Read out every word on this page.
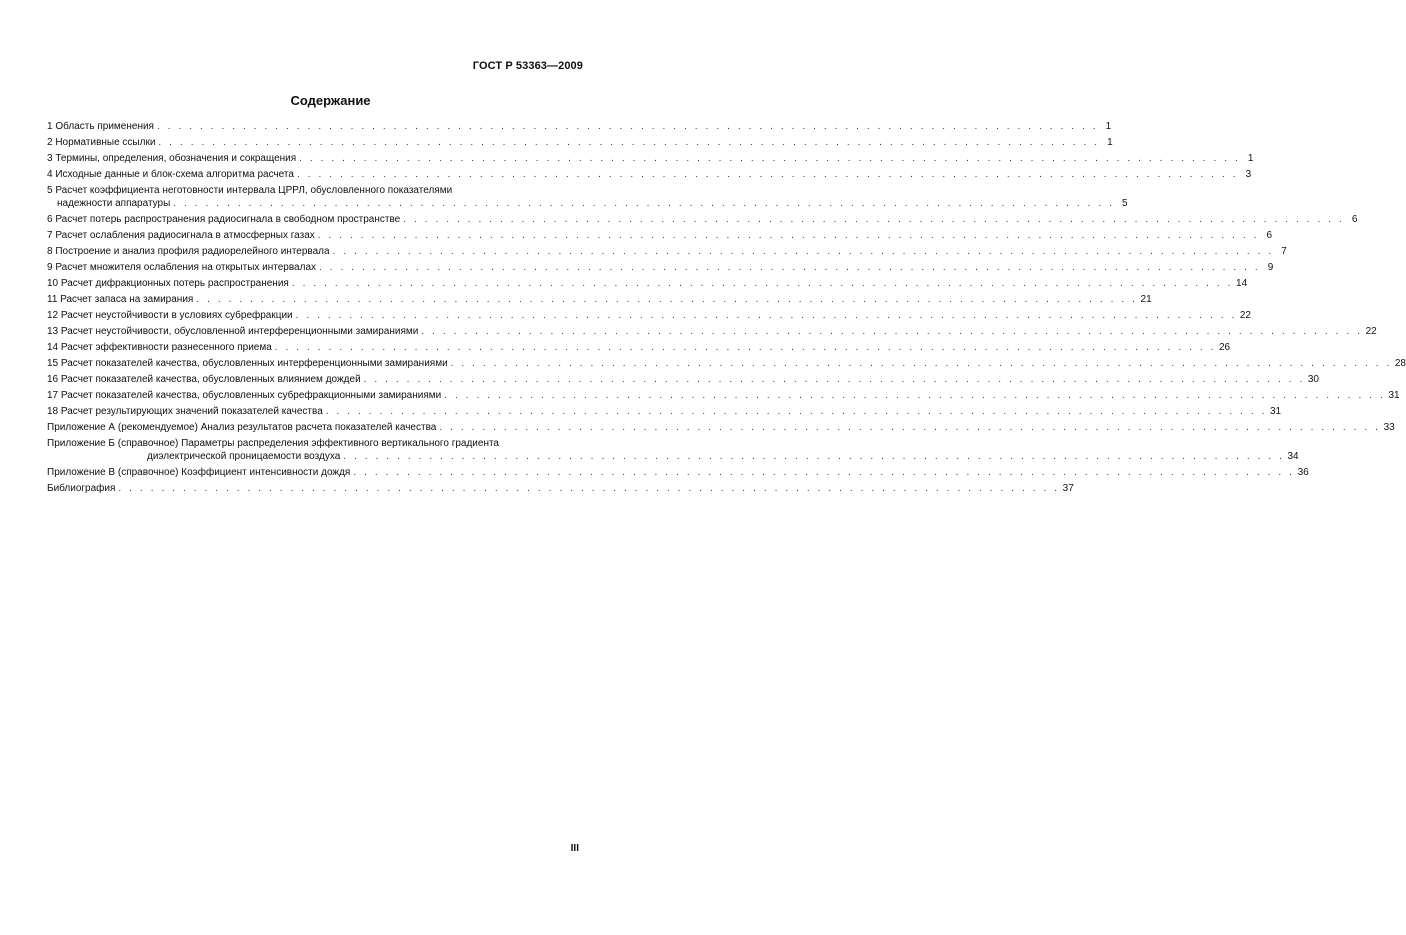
ГОСТ Р 53363—2009
Содержание
1 Область применения . . . . . . . . . . . . . . . . . . . . . . . . . . . . . . . . . . . . . . . . . . . . . . . . . . . . . . . . . . . . . . . . . . . . . . . . . . . . . . . . . . . . . . . . 1
2 Нормативные ссылки . . . . . . . . . . . . . . . . . . . . . . . . . . . . . . . . . . . . . . . . . . . . . . . . . . . . . . . . . . . . . . . . . . . . . . . . . . . . . . . . . . . . . . . . 1
3 Термины, определения, обозначения и сокращения . . . . . . . . . . . . . . . . . . . . . . . . . . . . . . . . . . . . . . . . . . . . . . . . . . . . . . . . . . . . . . . . . . . . . . . . . . . . . . . . . . . . . . . . 1
4 Исходные данные и блок-схема алгоритма расчета . . . . . . . . . . . . . . . . . . . . . . . . . . . . . . . . . . . . . . . . . . . . . . . . . . . . . . . . . . . . . . . . . . . . . . . . . . . . . . . . . . . . . . . . 3
5 Расчет коэффициента неготовности интервала ЦРРЛ, обусловленного показателями
надежности аппаратуры . . . . . . . . . . . . . . . . . . . . . . . . . . . . . . . . . . . . . . . . . . . . . . . . . . . . . . . . . . . . . . . . . . . . . . . . . . . . . . . . . . . . . . . . 5
6 Расчет потерь распространения радиосигнала в свободном пространстве . . . . . . . . . . . . . . . . . . . . . . . . . . . . . . . . . . . . . . . . . . . . . . . . . . . . . . . . . . . . . . . . . . . . . . . . . . . . . . . . . . . . . . . . 6
7 Расчет ослабления радиосигнала в атмосферных газах . . . . . . . . . . . . . . . . . . . . . . . . . . . . . . . . . . . . . . . . . . . . . . . . . . . . . . . . . . . . . . . . . . . . . . . . . . . . . . . . . . . . . . . . 6
8 Построение и анализ профиля радиорелейного интервала . . . . . . . . . . . . . . . . . . . . . . . . . . . . . . . . . . . . . . . . . . . . . . . . . . . . . . . . . . . . . . . . . . . . . . . . . . . . . . . . . . . . . . . . 7
9 Расчет множителя ослабления на открытых интервалах . . . . . . . . . . . . . . . . . . . . . . . . . . . . . . . . . . . . . . . . . . . . . . . . . . . . . . . . . . . . . . . . . . . . . . . . . . . . . . . . . . . . . . . . 9
10 Расчет дифракционных потерь распространения . . . . . . . . . . . . . . . . . . . . . . . . . . . . . . . . . . . . . . . . . . . . . . . . . . . . . . . . . . . . . . . . . . . . . . . . . . . . . . . . . . . . . . . . 14
11 Расчет запаса на замирания . . . . . . . . . . . . . . . . . . . . . . . . . . . . . . . . . . . . . . . . . . . . . . . . . . . . . . . . . . . . . . . . . . . . . . . . . . . . . . . . . . . . . . . . 21
12 Расчет неустойчивости в условиях субрефракции . . . . . . . . . . . . . . . . . . . . . . . . . . . . . . . . . . . . . . . . . . . . . . . . . . . . . . . . . . . . . . . . . . . . . . . . . . . . . . . . . . . . . . . . 22
13 Расчет неустойчивости, обусловленной интерференционными замираниями . . . . . . . . . . . . . . . . . . . . . . . . . . . . . . . . . . . . . . . . . . . . . . . . . . . . . . . . . . . . . . . . . . . . . . . . . . . . . . . . . . . . . . . . 22
14 Расчет эффективности разнесенного приема . . . . . . . . . . . . . . . . . . . . . . . . . . . . . . . . . . . . . . . . . . . . . . . . . . . . . . . . . . . . . . . . . . . . . . . . . . . . . . . . . . . . . . . . 26
15 Расчет показателей качества, обусловленных интерференционными замираниями . . . . . . . . . . . . . . . . . . . . . . . . . . . . . . . . . . . . . . . . . . . . . . . . . . . . . . . . . . . . . . . . . . . . . . . . . . . . . . . . . . . . . . . . 28
16 Расчет показателей качества, обусловленных влиянием дождей . . . . . . . . . . . . . . . . . . . . . . . . . . . . . . . . . . . . . . . . . . . . . . . . . . . . . . . . . . . . . . . . . . . . . . . . . . . . . . . . . . . . . . . . 30
17 Расчет показателей качества, обусловленных субрефракционными замираниями . . . . . . . . . . . . . . . . . . . . . . . . . . . . . . . . . . . . . . . . . . . . . . . . . . . . . . . . . . . . . . . . . . . . . . . . . . . . . . . . . . . . . . . . 31
18 Расчет результирующих значений показателей качества . . . . . . . . . . . . . . . . . . . . . . . . . . . . . . . . . . . . . . . . . . . . . . . . . . . . . . . . . . . . . . . . . . . . . . . . . . . . . . . . . . . . . . . . 31
Приложение А (рекомендуемое) Анализ результатов расчета показателей качества . . . . . . . . . . . . . . . . . . . . . . . . . . . . . . . . . . . . . . . . . . . . . . . . . . . . . . . . . . . . . . . . . . . . . . . . . . . . . . . . . . . . . . . . 33
Приложение Б (справочное) Параметры распределения эффективного вертикального градиента
диэлектрической проницаемости воздуха . . . . . . . . . . . . . . . . . . . . . . . . . . . . . . . . . . . . . . . . . . . . . . . . . . . . . . . . . . . . . . . . . . . . . . . . . . . . . . . . . . . . . . . . 34
Приложение В (справочное) Коэффициент интенсивности дождя . . . . . . . . . . . . . . . . . . . . . . . . . . . . . . . . . . . . . . . . . . . . . . . . . . . . . . . . . . . . . . . . . . . . . . . . . . . . . . . . . . . . . . . . 36
Библиография . . . . . . . . . . . . . . . . . . . . . . . . . . . . . . . . . . . . . . . . . . . . . . . . . . . . . . . . . . . . . . . . . . . . . . . . . . . . . . . . . . . . . . . . 37
III
